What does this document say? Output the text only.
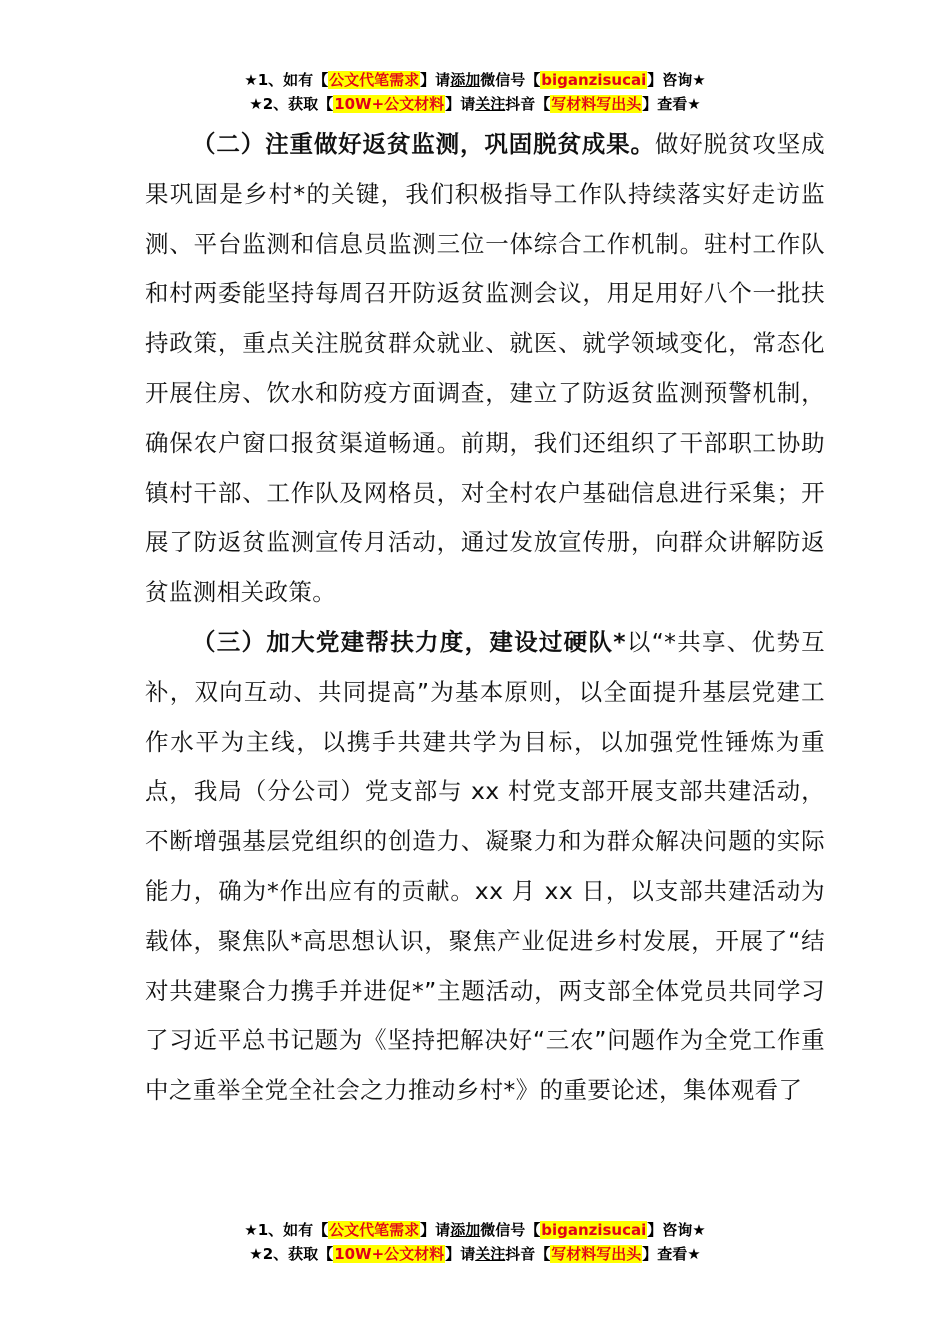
★1、如有【公文代笔需求】请添加微信号【biganzisucai】咨询★
★2、获取【10W+公文材料】请关注抖音【写材料写出头】查看★

（二）注重做好返贫监测，巩固脱贫成果。做好脱贫攻坚成果巩固是乡村*的关键，我们积极指导工作队持续落实好走访监测、平台监测和信息员监测三位一体综合工作机制。驻村工作队和村两委能坚持每周召开防返贫监测会议，用足用好八个一批扶持政策，重点关注脱贫群众就业、就医、就学领域变化，常态化开展住房、饮水和防疫方面调查，建立了防返贫监测预警机制，确保农户窗口报贫渠道畅通。前期，我们还组织了干部职工协助镇村干部、工作队及网格员，对全村农户基础信息进行采集；开展了防返贫监测宣传月活动，通过发放宣传册，向群众讲解防返贫监测相关政策。

（三）加大党建帮扶力度，建设过硬队*以“*共享、优势互补，双向互动、共同提高”为基本原则，以全面提升基层党建工作水平为主线，以携手共建共学为目标，以加强党性锤炼为重点，我局（分公司）党支部与 xx 村党支部开展支部共建活动，不断增强基层党组织的创造力、凝聚力和为群众解决问题的实际能力，确为*作出应有的贡献。xx 月 xx 日，以支部共建活动为载体，聚焦队*高思想认识，聚焦产业促进乡村发展，开展了“结对共建聚合力携手并进促*”主题活动，两支部全体党员共同学习了习近平总书记题为《坚持把解决好“三农”问题作为全党工作重中之重举全党全社会之力推动乡村*》的重要论述，集体观看了

★1、如有【公文代笔需求】请添加微信号【biganzisucai】咨询★
★2、获取【10W+公文材料】请关注抖音【写材料写出头】查看★
